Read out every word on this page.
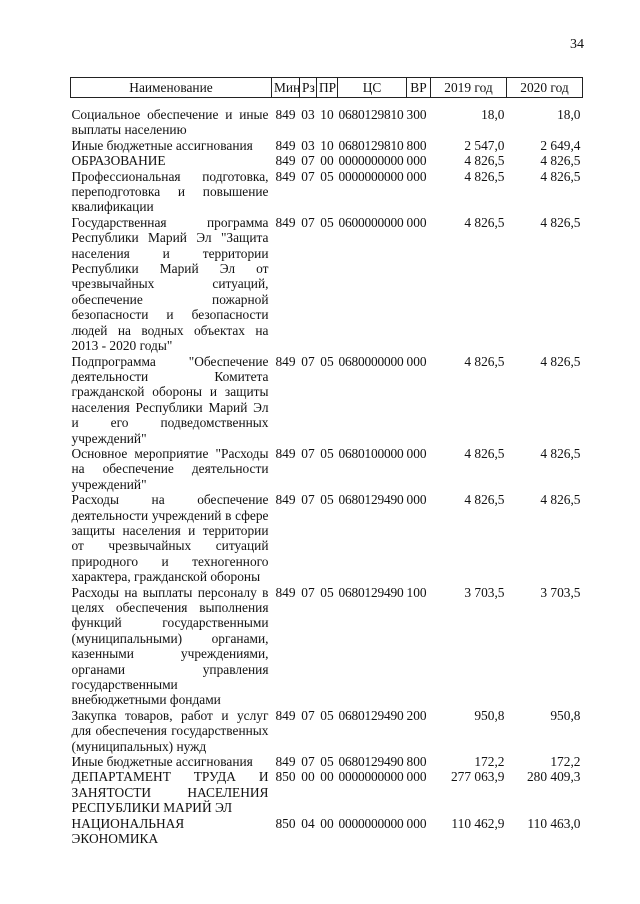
34
Наименование	Мин	Рз	ПР	ЦС	ВР	2019 год	2020 год
Социальное обеспечение и иные выплаты населению	849	03	10	0680129810	300	18,0	18,0
Иные бюджетные ассигнования	849	03	10	0680129810	800	2 547,0	2 649,4
ОБРАЗОВАНИЕ	849	07	00	0000000000	000	4 826,5	4 826,5
Профессиональная подготовка, переподготовка и повышение квалификации	849	07	05	0000000000	000	4 826,5	4 826,5
Государственная программа Республики Марий Эл "Защита населения и территории Республики Марий Эл от чрезвычайных ситуаций, обеспечение пожарной безопасности и безопасности людей на водных объектах на 2013 - 2020 годы"	849	07	05	0600000000	000	4 826,5	4 826,5
Подпрограмма "Обеспечение деятельности Комитета гражданской обороны и защиты населения Республики Марий Эл и его подведомственных учреждений"	849	07	05	0680000000	000	4 826,5	4 826,5
Основное мероприятие "Расходы на обеспечение деятельности учреждений"	849	07	05	0680100000	000	4 826,5	4 826,5
Расходы на обеспечение деятельности учреждений в сфере защиты населения и территории от чрезвычайных ситуаций природного и техногенного характера, гражданской обороны	849	07	05	0680129490	000	4 826,5	4 826,5
Расходы на выплаты персоналу в целях обеспечения выполнения функций государственными (муниципальными) органами, казенными учреждениями, органами управления государственными внебюджетными фондами	849	07	05	0680129490	100	3 703,5	3 703,5
Закупка товаров, работ и услуг для обеспечения государственных (муниципальных) нужд	849	07	05	0680129490	200	950,8	950,8
Иные бюджетные ассигнования	849	07	05	0680129490	800	172,2	172,2
ДЕПАРТАМЕНТ ТРУДА И ЗАНЯТОСТИ НАСЕЛЕНИЯ РЕСПУБЛИКИ МАРИЙ ЭЛ	850	00	00	0000000000	000	277 063,9	280 409,3
НАЦИОНАЛЬНАЯ ЭКОНОМИКА	850	04	00	0000000000	000	110 462,9	110 463,0
